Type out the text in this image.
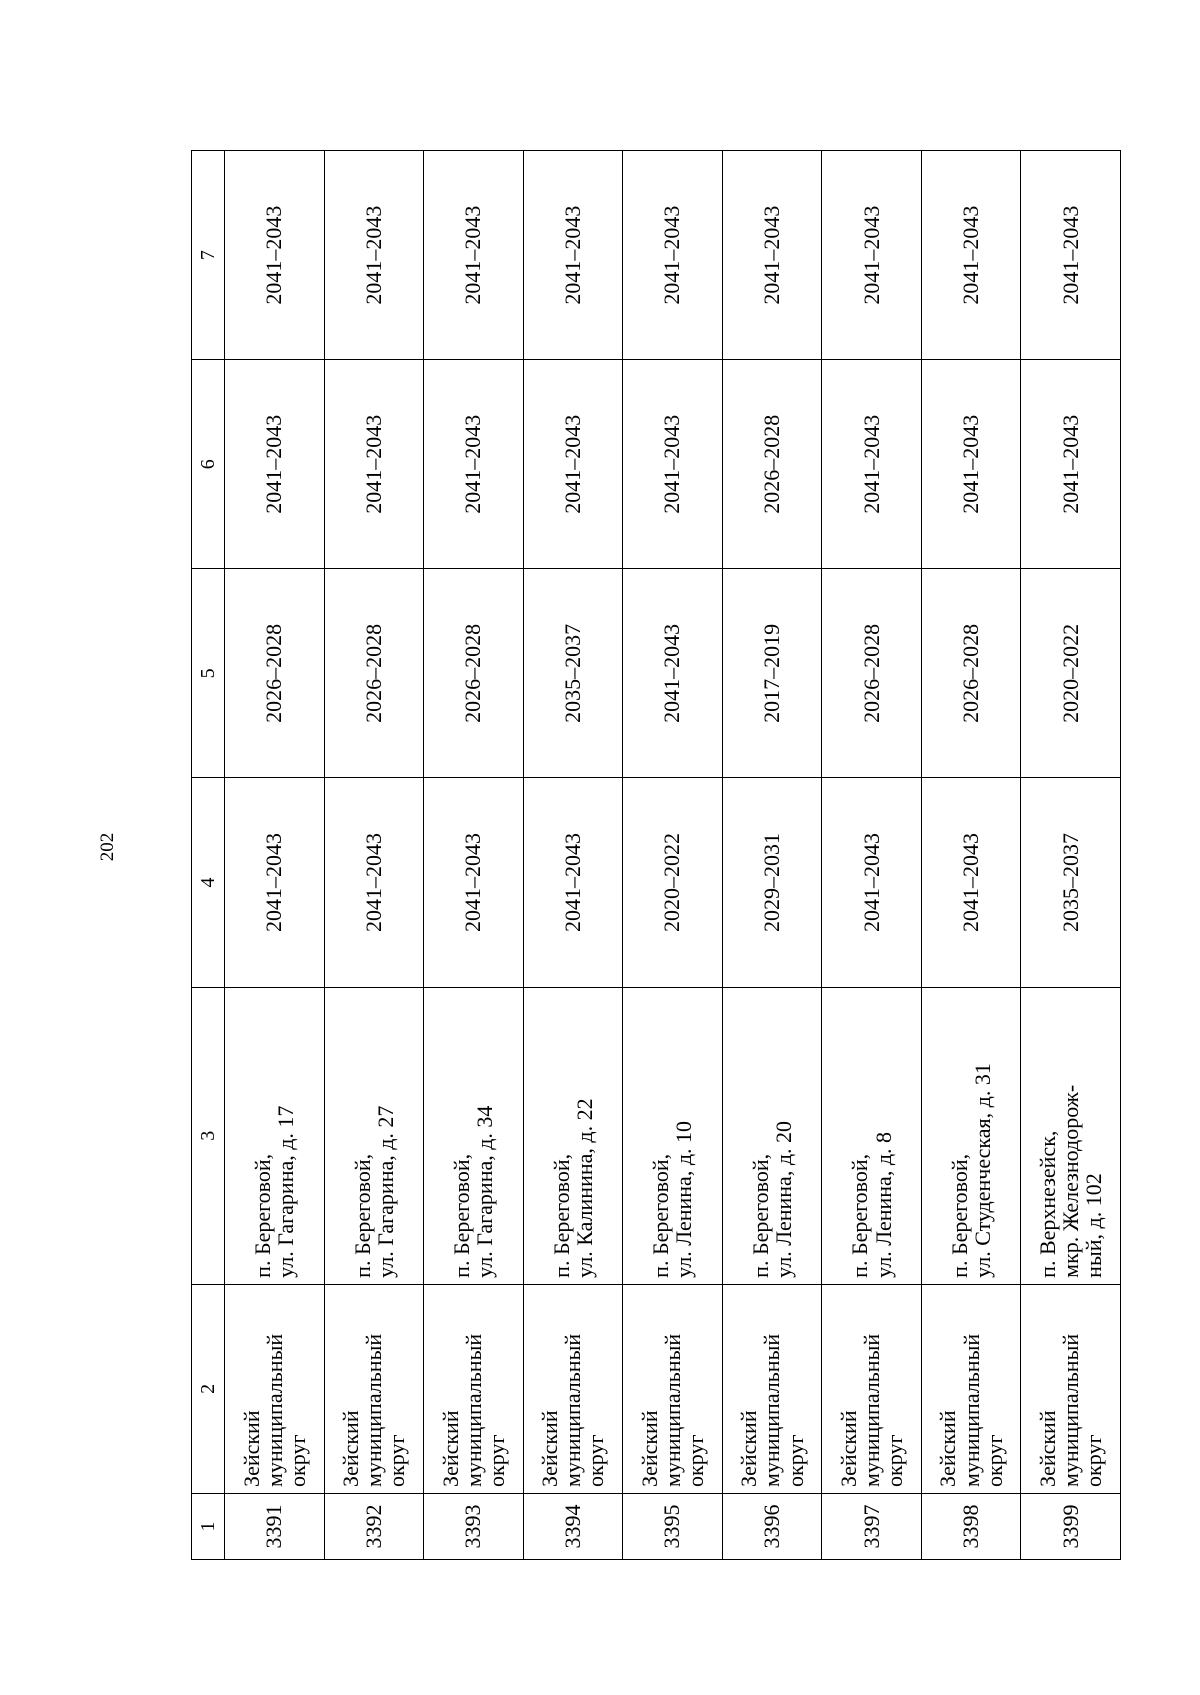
202
1	2	3	4	5	6	7
3391	Зейский муниципальный округ	п. Береговой,
ул. Гагарина, д. 17	2041–2043	2026–2028	2041–2043	2041–2043
3392	Зейский муниципальный округ	п. Береговой,
ул. Гагарина, д. 27	2041–2043	2026–2028	2041–2043	2041–2043
3393	Зейский муниципальный округ	п. Береговой,
ул. Гагарина, д. 34	2041–2043	2026–2028	2041–2043	2041–2043
3394	Зейский муниципальный округ	п. Береговой,
ул. Калинина, д. 22	2041–2043	2035–2037	2041–2043	2041–2043
3395	Зейский муниципальный округ	п. Береговой,
ул. Ленина, д. 10	2020–2022	2041–2043	2041–2043	2041–2043
3396	Зейский муниципальный округ	п. Береговой,
ул. Ленина, д. 20	2029–2031	2017–2019	2026–2028	2041–2043
3397	Зейский муниципальный округ	п. Береговой,
ул. Ленина, д. 8	2041–2043	2026–2028	2041–2043	2041–2043
3398	Зейский муниципальный округ	п. Береговой,
ул. Студенческая, д. 31	2041–2043	2026–2028	2041–2043	2041–2043
3399	Зейский муниципальный округ	п. Верхнезейск,
мкр. Железнодорож-
ный, д. 102	2035–2037	2020–2022	2041–2043	2041–2043
